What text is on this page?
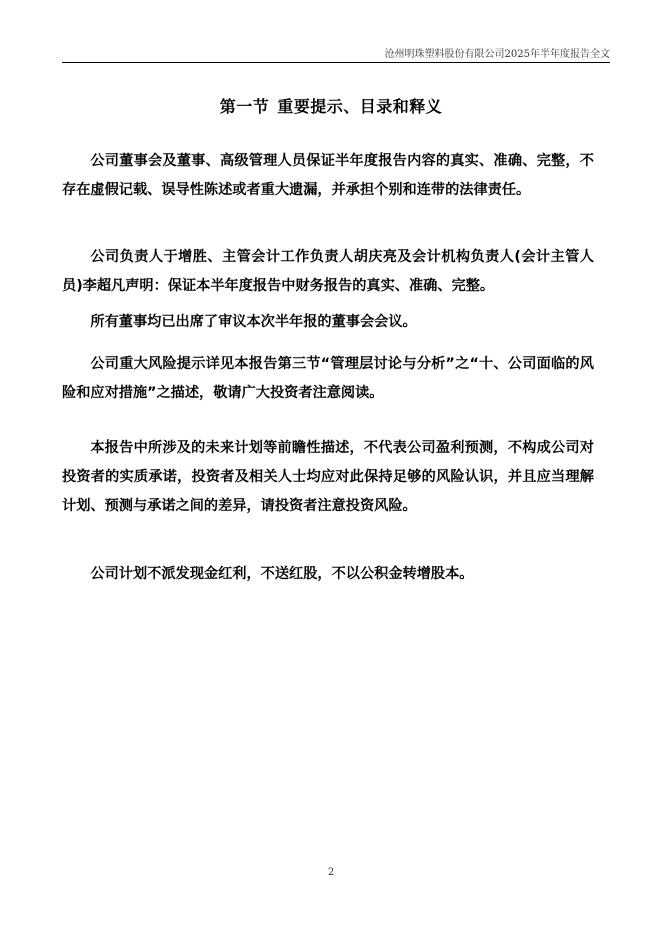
沧州明珠塑料股份有限公司2025年半年度报告全文
第一节 重要提示、目录和释义

公司董事会及董事、高级管理人员保证半年度报告内容的真实、准确、完整，不存在虚假记载、误导性陈述或者重大遗漏，并承担个别和连带的法律责任。

公司负责人于增胜、主管会计工作负责人胡庆亮及会计机构负责人(会计主管人员)李超凡声明：保证本半年度报告中财务报告的真实、准确、完整。

所有董事均已出席了审议本次半年报的董事会会议。

公司重大风险提示详见本报告第三节“管理层讨论与分析”之“十、公司面临的风险和应对措施”之描述，敬请广大投资者注意阅读。

本报告中所涉及的未来计划等前瞻性描述，不代表公司盈利预测，不构成公司对投资者的实质承诺，投资者及相关人士均应对此保持足够的风险认识，并且应当理解计划、预测与承诺之间的差异，请投资者注意投资风险。

公司计划不派发现金红利，不送红股，不以公积金转增股本。

2
